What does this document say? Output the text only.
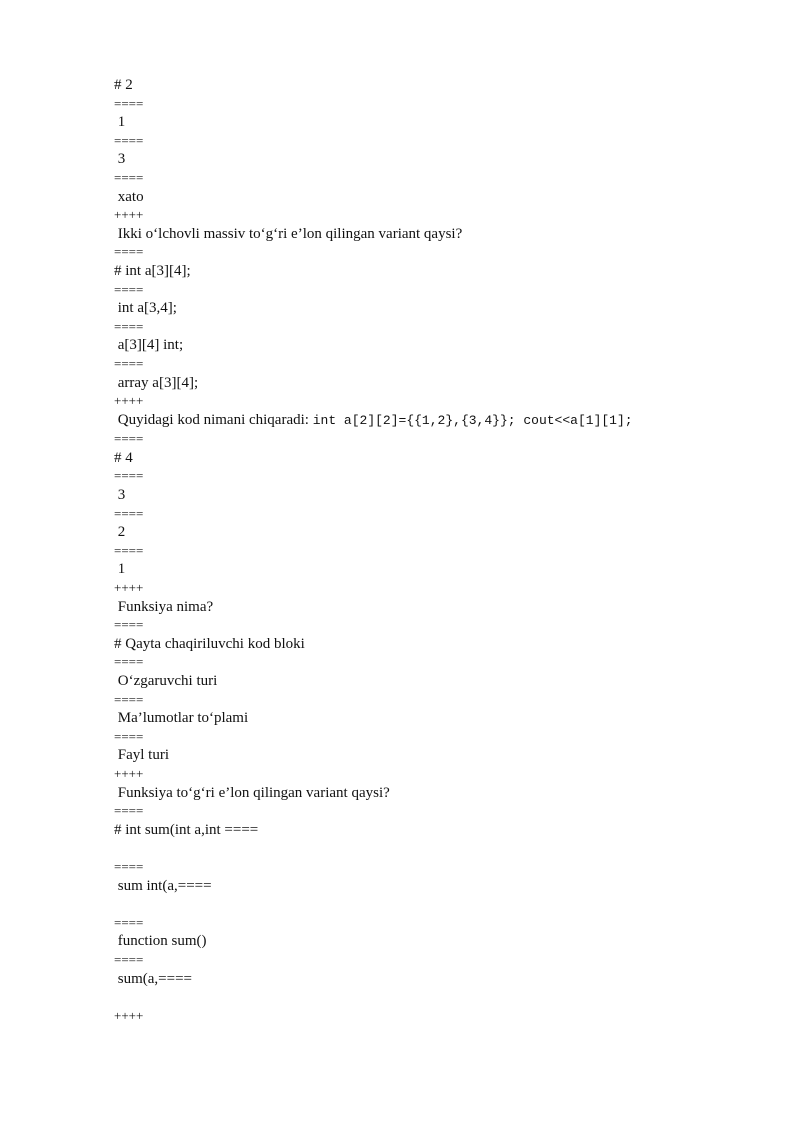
# 2
====
1
====
3
====
xato
++++
Ikki o‘lchovli massiv to‘g‘ri e’lon qilingan variant qaysi?
====
# int a[3][4];
====
int a[3,4];
====
a[3][4] int;
====
array a[3][4];
++++
Quyidagi kod nimani chiqaradi: int a[2][2]={{1,2},{3,4}}; cout<<a[1][1];
====
# 4
====
3
====
2
====
1
++++
Funksiya nima?
====
# Qayta chaqiriluvchi kod bloki
====
O‘zgaruvchi turi
====
Ma’lumotlar to‘plami
====
Fayl turi
++++
Funksiya to‘g‘ri e’lon qilingan variant qaysi?
====
# int sum(int a,int ====
====
sum int(a,====
====
function sum()
====
sum(a,====
++++
